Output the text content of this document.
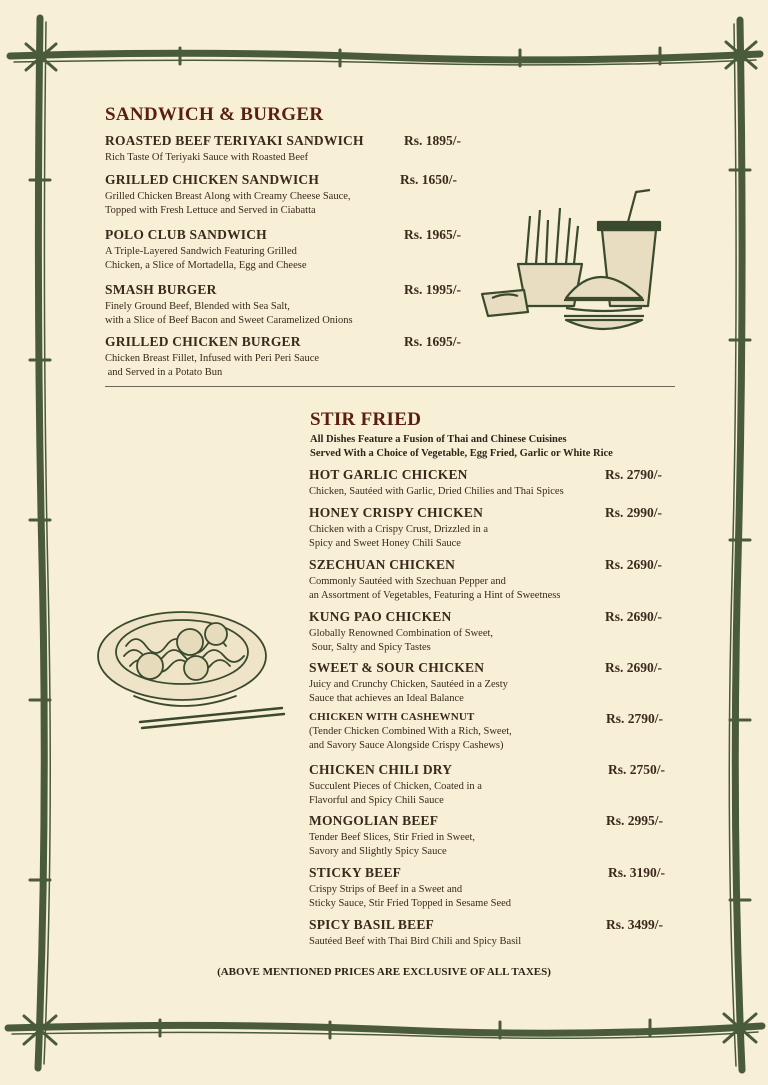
SANDWICH & BURGER
ROASTED BEEF TERIYAKI SANDWICH	Rs. 1895/-
Rich Taste Of Teriyaki Sauce with Roasted Beef
GRILLED CHICKEN SANDWICH	Rs. 1650/-
Grilled Chicken Breast Along with Creamy Cheese Sauce,
Topped with Fresh Lettuce and Served in Ciabatta
POLO CLUB SANDWICH	Rs. 1965/-
A Triple-Layered Sandwich Featuring Grilled
Chicken, a Slice of Mortadella, Egg and Cheese
SMASH BURGER	Rs. 1995/-
Finely Ground Beef, Blended with Sea Salt,
with a Slice of Beef Bacon and Sweet Caramelized Onions
GRILLED CHICKEN BURGER	Rs. 1695/-
Chicken Breast Fillet, Infused with Peri Peri Sauce
and Served in a Potato Bun
STIR FRIED
All Dishes Feature a Fusion of Thai and Chinese Cuisines
Served With a Choice of Vegetable, Egg Fried, Garlic or White Rice
HOT GARLIC CHICKEN	Rs. 2790/-
Chicken, Sautéed with Garlic, Dried Chilies and Thai Spices
HONEY CRISPY CHICKEN	Rs. 2990/-
Chicken with a Crispy Crust, Drizzled in a
Spicy and Sweet Honey Chili Sauce
SZECHUAN CHICKEN	Rs. 2690/-
Commonly Sautéed with Szechuan Pepper and
an Assortment of Vegetables, Featuring a Hint of Sweetness
KUNG PAO CHICKEN	Rs. 2690/-
Globally Renowned Combination of Sweet,
Sour, Salty and Spicy Tastes
SWEET & SOUR CHICKEN	Rs. 2690/-
Juicy and Crunchy Chicken, Sautéed in a Zesty
Sauce that achieves an Ideal Balance
CHICKEN WITH CASHEWNUT	Rs. 2790/-
(Tender Chicken Combined With a Rich, Sweet,
and Savory Sauce Alongside Crispy Cashews)
CHICKEN CHILI DRY	Rs. 2750/-
Succulent Pieces of Chicken, Coated in a
Flavorful and Spicy Chili Sauce
MONGOLIAN BEEF	Rs. 2995/-
Tender Beef Slices, Stir Fried in Sweet,
Savory and Slightly Spicy Sauce
STICKY BEEF	Rs. 3190/-
Crispy Strips of Beef in a Sweet and
Sticky Sauce, Stir Fried Topped in Sesame Seed
SPICY BASIL BEEF	Rs. 3499/-
Sautéed Beef with Thai Bird Chili and Spicy Basil
(ABOVE MENTIONED PRICES ARE EXCLUSIVE OF ALL TAXES)
